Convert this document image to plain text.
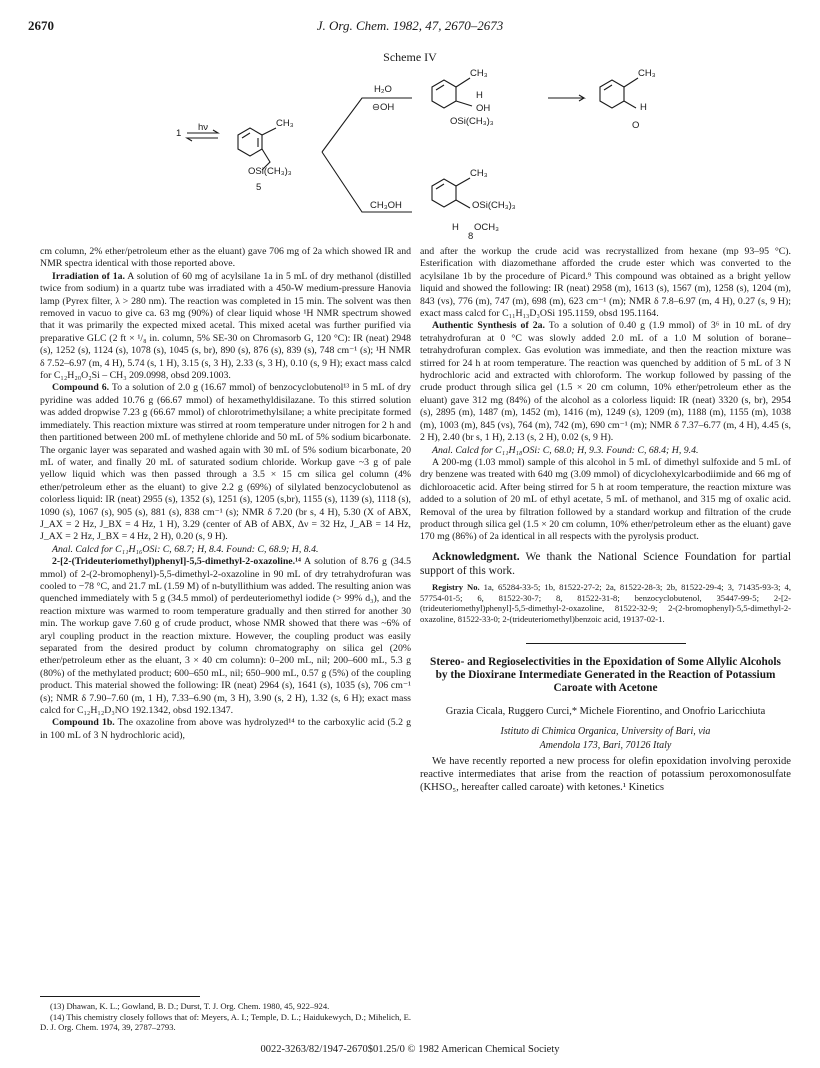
2670	J. Org. Chem. 1982, 47, 2670–2673
Scheme IV
1
hν	CH₃
OSi(CH₃)₃
5
H₂O
⊖OH
CH₃OH
CH₃
H
OH
OSi(CH₃)₃
CH₃
H
O
CH₃
OSi(CH₃)₃
H OCH₃
8

cm column, 2% ether/petroleum ether as the eluant) gave 706 mg of 2a which showed IR and NMR spectra identical with those reported above.

Irradiation of 1a. A solution of 60 mg of acylsilane 1a in 5 mL of dry methanol (distilled twice from sodium) in a quartz tube was irradiated with a 450-W medium-pressure Hanovia lamp (Pyrex filter, λ > 280 nm). The reaction was completed in 15 min. The solvent was then removed in vacuo to give ca. 63 mg (90%) of clear liquid whose ¹H NMR spectrum showed that it was primarily the expected mixed acetal. This mixed acetal was further purified via preparative GLC (2 ft × ¹/₈ in. column, 5% SE-30 on Chromasorb G, 120 °C): IR (neat) 2948 (s), 1252 (s), 1124 (s), 1078 (s), 1045 (s, br), 890 (s), 876 (s), 839 (s), 748 cm⁻¹ (s); ¹H NMR δ 7.52–6.97 (m, 4 H), 5.74 (s, 1 H), 3.15 (s, 3 H), 2.33 (s, 3 H), 0.10 (s, 9 H); exact mass calcd for C₁₂H₂₀O₂Si – CH₃ 209.0998, obsd 209.1003.

Compound 6. To a solution of 2.0 g (16.67 mmol) of benzocyclobutenol¹³ in 5 mL of dry pyridine was added 10.76 g (66.67 mmol) of hexamethyldisilazane. To this stirred solution was added dropwise 7.23 g (66.67 mmol) of chlorotrimethylsilane; a white precipitate formed immediately. This reaction mixture was stirred at room temperature under nitrogen for 2 h and then partitioned between 200 mL of methylene chloride and 50 mL of 5% sodium bicarbonate. The organic layer was separated and washed again with 30 mL of 5% sodium bicarbonate, 20 mL of water, and finally 20 mL of saturated sodium chloride. Workup gave ~3 g of pale yellow liquid which was then passed through a 3.5 × 15 cm silica gel column (4% ether/petroleum ether as the eluant) to give 2.2 g (69%) of silylated benzocyclobutenol as colorless liquid: IR (neat) 2955 (s), 1352 (s), 1251 (s), 1205 (s,br), 1155 (s), 1139 (s), 1118 (s), 1090 (s), 1067 (s), 905 (s), 881 (s), 838 cm⁻¹ (s); NMR δ 7.20 (br s, 4 H), 5.30 (X of ABX, J_AX = 2 Hz, J_BX = 4 Hz, 1 H), 3.29 (center of AB of ABX, Δν = 32 Hz, J_AB = 14 Hz, J_AX = 2 Hz, J_BX = 4 Hz, 2 H), 0.20 (s, 9 H).

Anal. Calcd for C₁₁H₁₆OSi: C, 68.7; H, 8.4. Found: C, 68.9; H, 8.4.

2-[2-(Trideuteriomethyl)phenyl]-5,5-dimethyl-2-oxazoline.¹⁴ A solution of 8.76 g (34.5 mmol) of 2-(2-bromophenyl)-5,5-dimethyl-2-oxazoline in 90 mL of dry tetrahydrofuran was cooled to −78 °C, and 21.7 mL (1.59 M) of n-butyllithium was added. The resulting anion was quenched immediately with 5 g (34.5 mmol) of perdeuteriomethyl iodide (> 99% d₃), and the reaction mixture was warmed to room temperature gradually and then stirred for another 30 min. The workup gave 7.60 g of crude product, whose NMR showed that there was ~6% of aryl coupling product in the reaction mixture. However, the coupling product was easily separated from the desired product by column chromatography on silica gel (20% ether/petroleum ether as the eluant, 3 × 40 cm column): 0–200 mL, nil; 200–600 mL, 5.3 g (80%) of the methylated product; 600–650 mL, nil; 650–900 mL, 0.57 g (5%) of the coupling product. This material showed the following: IR (neat) 2964 (s), 1641 (s), 1035 (s), 706 cm⁻¹ (s); NMR δ 7.90–7.60 (m, 1 H), 7.33–6.90 (m, 3 H), 3.90 (s, 2 H), 1.32 (s, 6 H); exact mass calcd for C₁₂H₁₂D₃NO 192.1342, obsd 192.1347.

Compound 1b. The oxazoline from above was hydrolyzed¹⁴ to the carboxylic acid (5.2 g in 100 mL of 3 N hydrochloric acid),

(13) Dhawan, K. L.; Gowland, B. D.; Durst, T. J. Org. Chem. 1980, 45, 922–924.

(14) This chemistry closely follows that of: Meyers, A. I.; Temple, D. L.; Haidukewych, D.; Mihelich, E. D. J. Org. Chem. 1974, 39, 2787–2793.

and after the workup the crude acid was recrystallized from hexane (mp 93–95 °C). Esterification with diazomethane afforded the crude ester which was converted to the acylsilane 1b by the procedure of Picard.⁹ This compound was obtained as a bright yellow liquid and showed the following: IR (neat) 2958 (m), 1613 (s), 1567 (m), 1258 (s), 1204 (m), 843 (vs), 776 (m), 747 (m), 698 (m), 623 cm⁻¹ (m); NMR δ 7.8–6.97 (m, 4 H), 0.27 (s, 9 H); exact mass calcd for C₁₁H₁₃D₃OSi 195.1159, obsd 195.1164.

Authentic Synthesis of 2a. To a solution of 0.40 g (1.9 mmol) of 3⁶ in 10 mL of dry tetrahydrofuran at 0 °C was slowly added 2.0 mL of a 1.0 M solution of borane–tetrahydrofuran complex. Gas evolution was immediate, and then the reaction mixture was stirred for 24 h at room temperature. The reaction was quenched by addition of 5 mL of 3 N hydrochloric acid and extracted with chloroform. The workup followed by passing of the crude product through silica gel (1.5 × 20 cm column, 10% ether/petroleum ether as the eluant) gave 312 mg (84%) of the alcohol as a colorless liquid: IR (neat) 3320 (s, br), 2954 (s), 2895 (m), 1487 (m), 1452 (m), 1416 (m), 1249 (s), 1209 (m), 1188 (m), 1155 (m), 1038 (m), 1003 (m), 845 (vs), 764 (m), 742 (m), 690 cm⁻¹ (m); NMR δ 7.37–6.77 (m, 4 H), 4.45 (s, 2 H), 2.40 (br s, 1 H), 2.13 (s, 2 H), 0.02 (s, 9 H).

Anal. Calcd for C₁₁H₁₈OSi: C, 68.0; H, 9.3. Found: C, 68.4; H, 9.4.

A 200-mg (1.03 mmol) sample of this alcohol in 5 mL of dimethyl sulfoxide and 5 mL of dry benzene was treated with 640 mg (3.09 mmol) of dicyclohexylcarbodiimide and 66 mg of dichloroacetic acid. After being stirred for 5 h at room temperature, the reaction mixture was added to a solution of 20 mL of ethyl acetate, 5 mL of methanol, and 315 mg of oxalic acid. Removal of the urea by filtration followed by a standard workup and filtration of the crude product through silica gel (1.5 × 20 cm column, 10% ether/petroleum ether as the eluant) gave 170 mg (86%) of 2a identical in all respects with the pyrolysis product.

Acknowledgment. We thank the National Science Foundation for partial support of this work.
Registry No. 1a, 65284-33-5; 1b, 81522-27-2; 2a, 81522-28-3; 2b, 81522-29-4; 3, 71435-93-3; 4, 57754-01-5; 6, 81522-30-7; 8, 81522-31-8; benzocyclobutenol, 35447-99-5; 2-[2-(trideuteriomethyl)phenyl]-5,5-dimethyl-2-oxazoline, 81522-32-9; 2-(2-bromophenyl)-5,5-dimethyl-2-oxazoline, 81522-33-0; 2-(trideuteriomethyl)benzoic acid, 19137-02-1.
Stereo- and Regioselectivities in the Epoxidation of Some Allylic Alcohols by the Dioxirane Intermediate Generated in the Reaction of Potassium Caroate with Acetone
Grazia Cicala, Ruggero Curci,* Michele Fiorentino, and Onofrio Laricchiuta
Istituto di Chimica Organica, University of Bari, via
Amendola 173, Bari, 70126 Italy

We have recently reported a new process for olefin epoxidation involving peroxide reactive intermediates that arise from the reaction of potassium peroxomonosulfate (KHSO₅, hereafter called caroate) with ketones.¹ Kinetics

0022-3263/82/1947-2670$01.25/0 © 1982 American Chemical Society
